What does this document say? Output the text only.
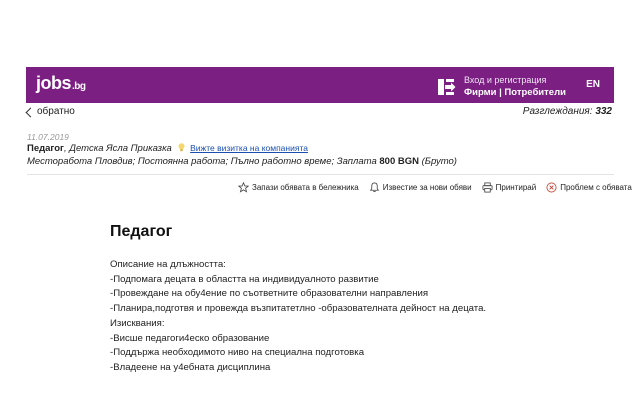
jobs.bg
Вход и регистрация
Фирми | Потребители
EN
обратно	Разглеждания: 332
11.07.2019
Педагог, Детска Ясла Приказка Вижте визитка на компанията
Месторабота Пловдив; Постоянна работа; Пълно работно време; Заплата 800 BGN (Бруто)
Запази обявата в бележника	Известие за нови обяви	Принтирай	Проблем с обявата
Педагог
Описание на длъжността:
-Подпомага децата в областта на индивидуалното развитие
-Провеждане на обу4ение по съответните образователни направления
-Планира,подготвя и провежда възпитатетлно -образователната дейност на децата.
Изисквания:
-Висше педагоги4еско образование
-Поддържа необходимото ниво на специална подготовка
-Владеене на у4ебната дисциплина
